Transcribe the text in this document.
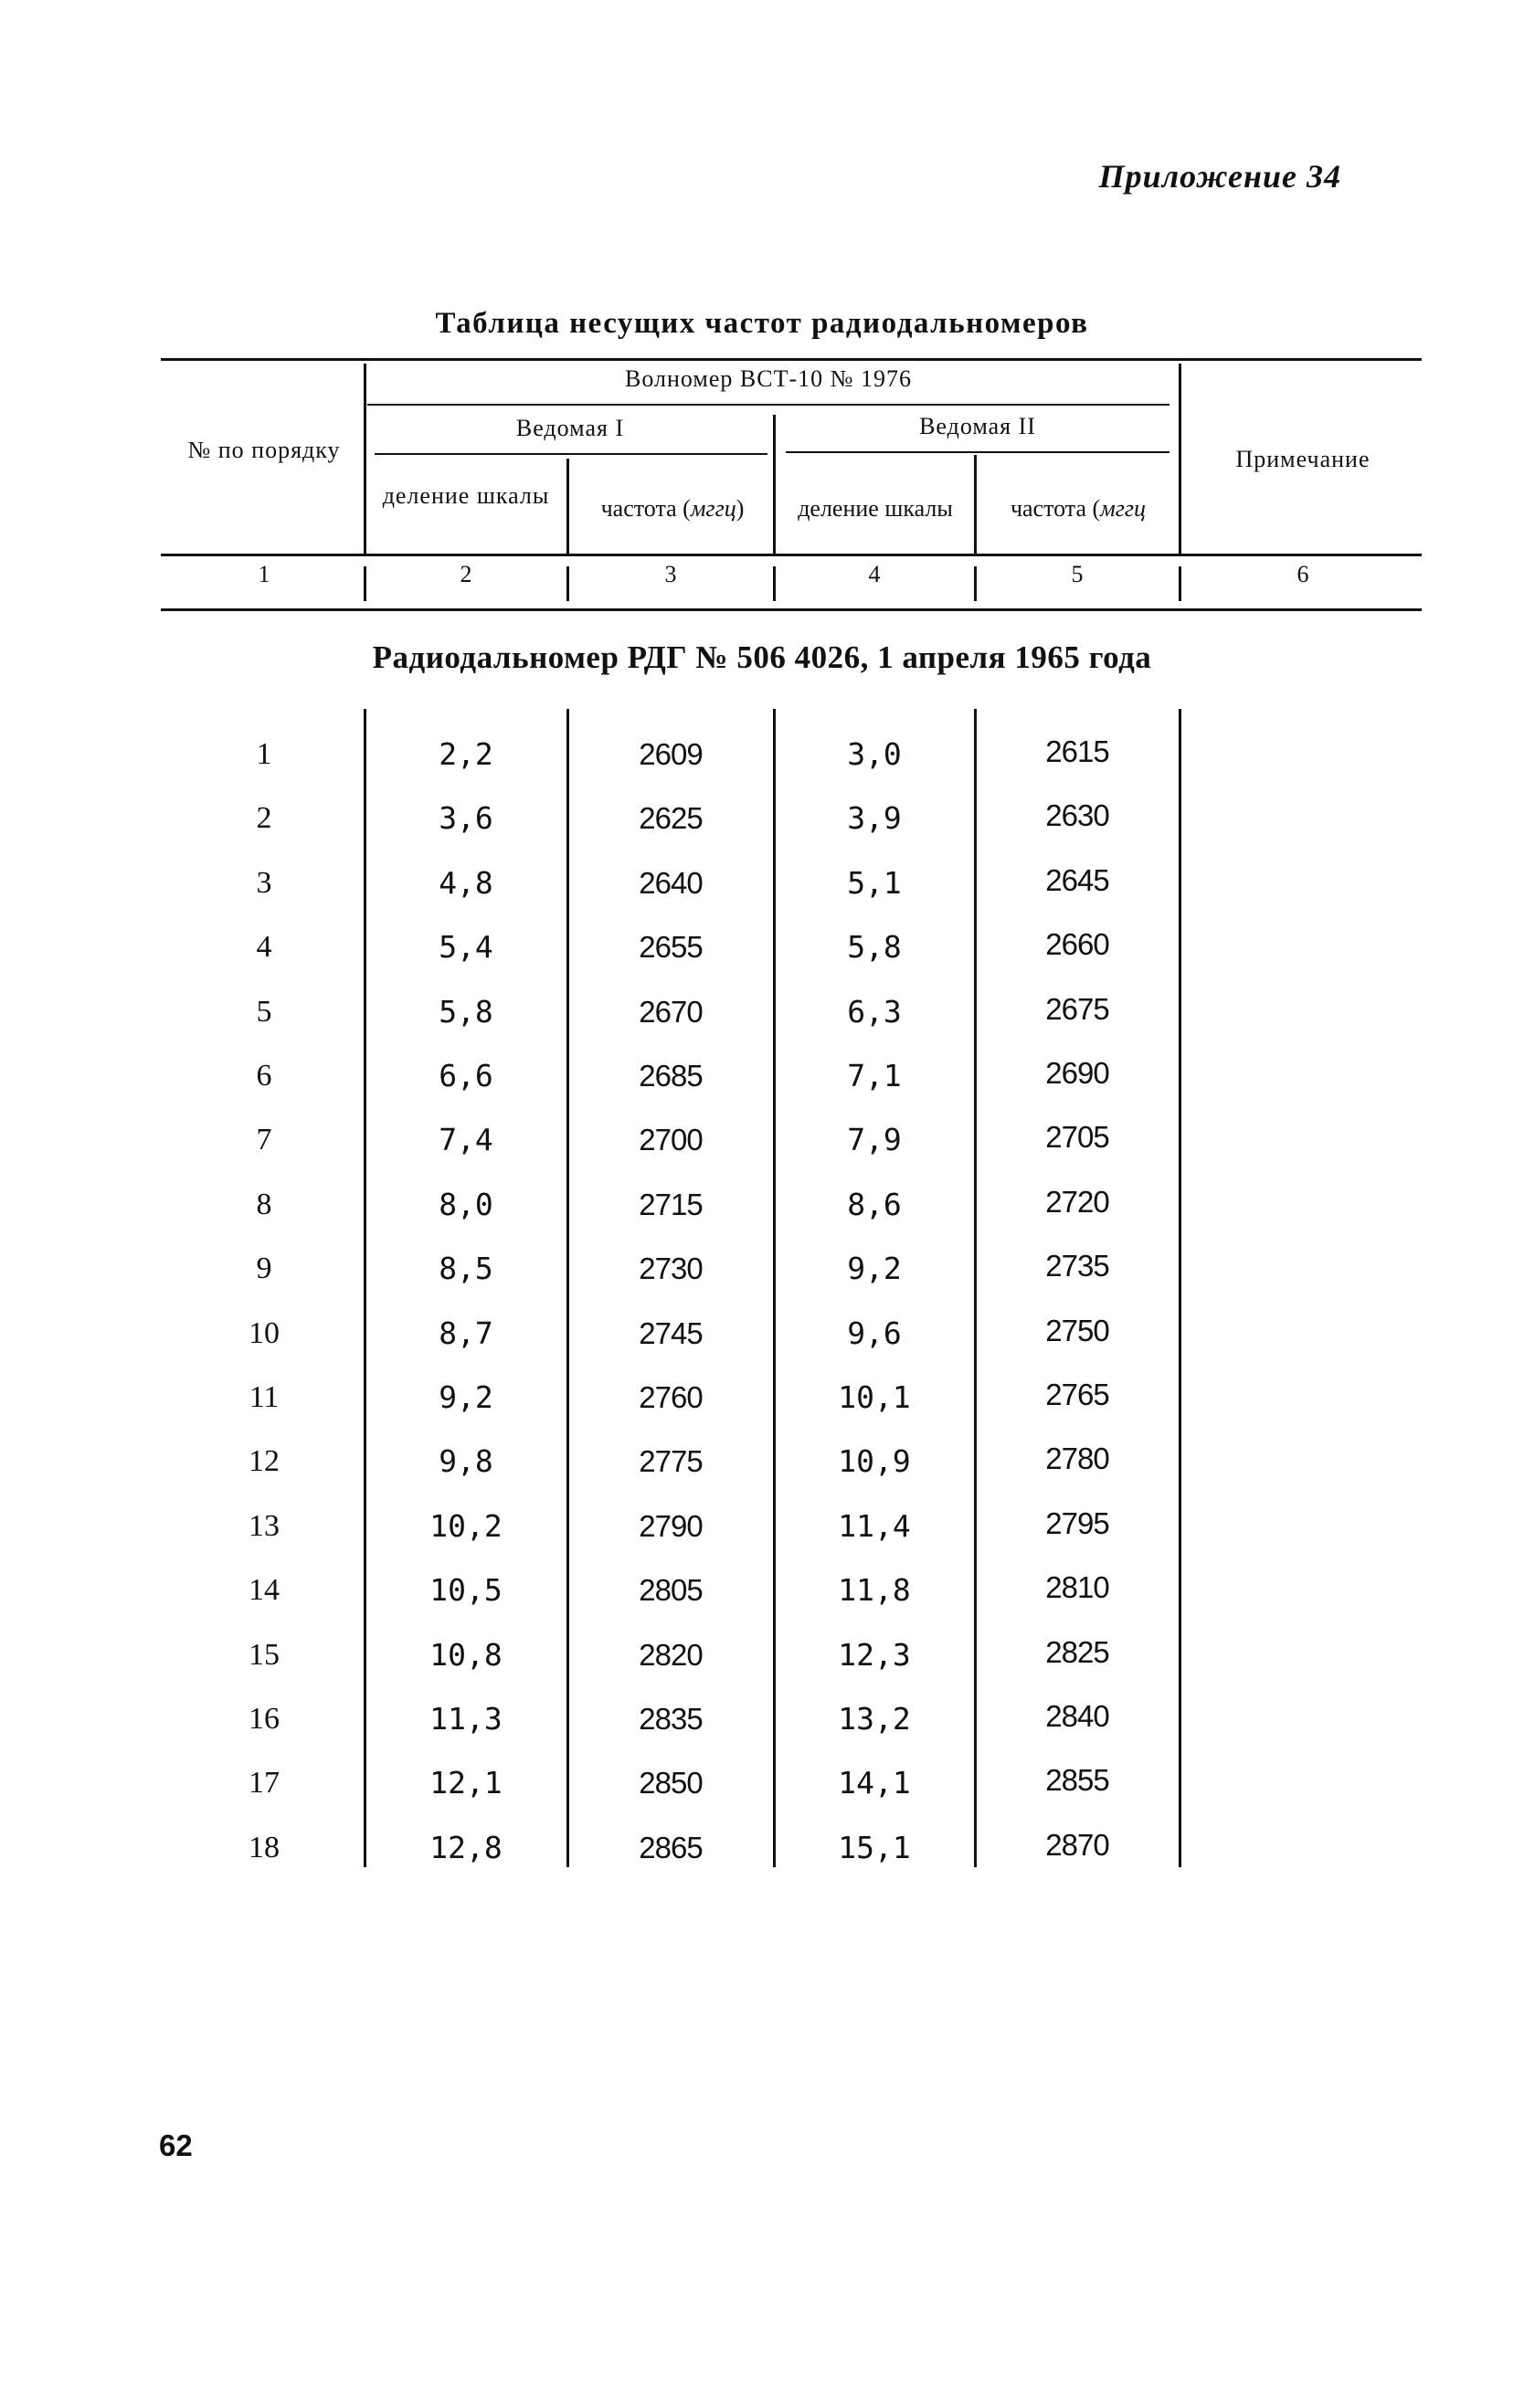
Приложение 34
Таблица несущих частот радиодальномеров
№ по порядку
Волномер ВСТ-10 № 1976
Ведомая I	Ведомая II
деление шкалы	частота (мггц)	деление шкалы	частота (мггц
Примечание
1	2	3	4	5	6
Радиодальномер РДГ № 506 4026, 1 апреля 1965 года
1	2,2	2609	3,0	2615
2	3,6	2625	3,9	2630
3	4,8	2640	5,1	2645
4	5,4	2655	5,8	2660
5	5,8	2670	6,3	2675
6	6,6	2685	7,1	2690
7	7,4	2700	7,9	2705
8	8,0	2715	8,6	2720
9	8,5	2730	9,2	2735
10	8,7	2745	9,6	2750
11	9,2	2760	10,1	2765
12	9,8	2775	10,9	2780
13	10,2	2790	11,4	2795
14	10,5	2805	11,8	2810
15	10,8	2820	12,3	2825
16	11,3	2835	13,2	2840
17	12,1	2850	14,1	2855
18	12,8	2865	15,1	2870
62
